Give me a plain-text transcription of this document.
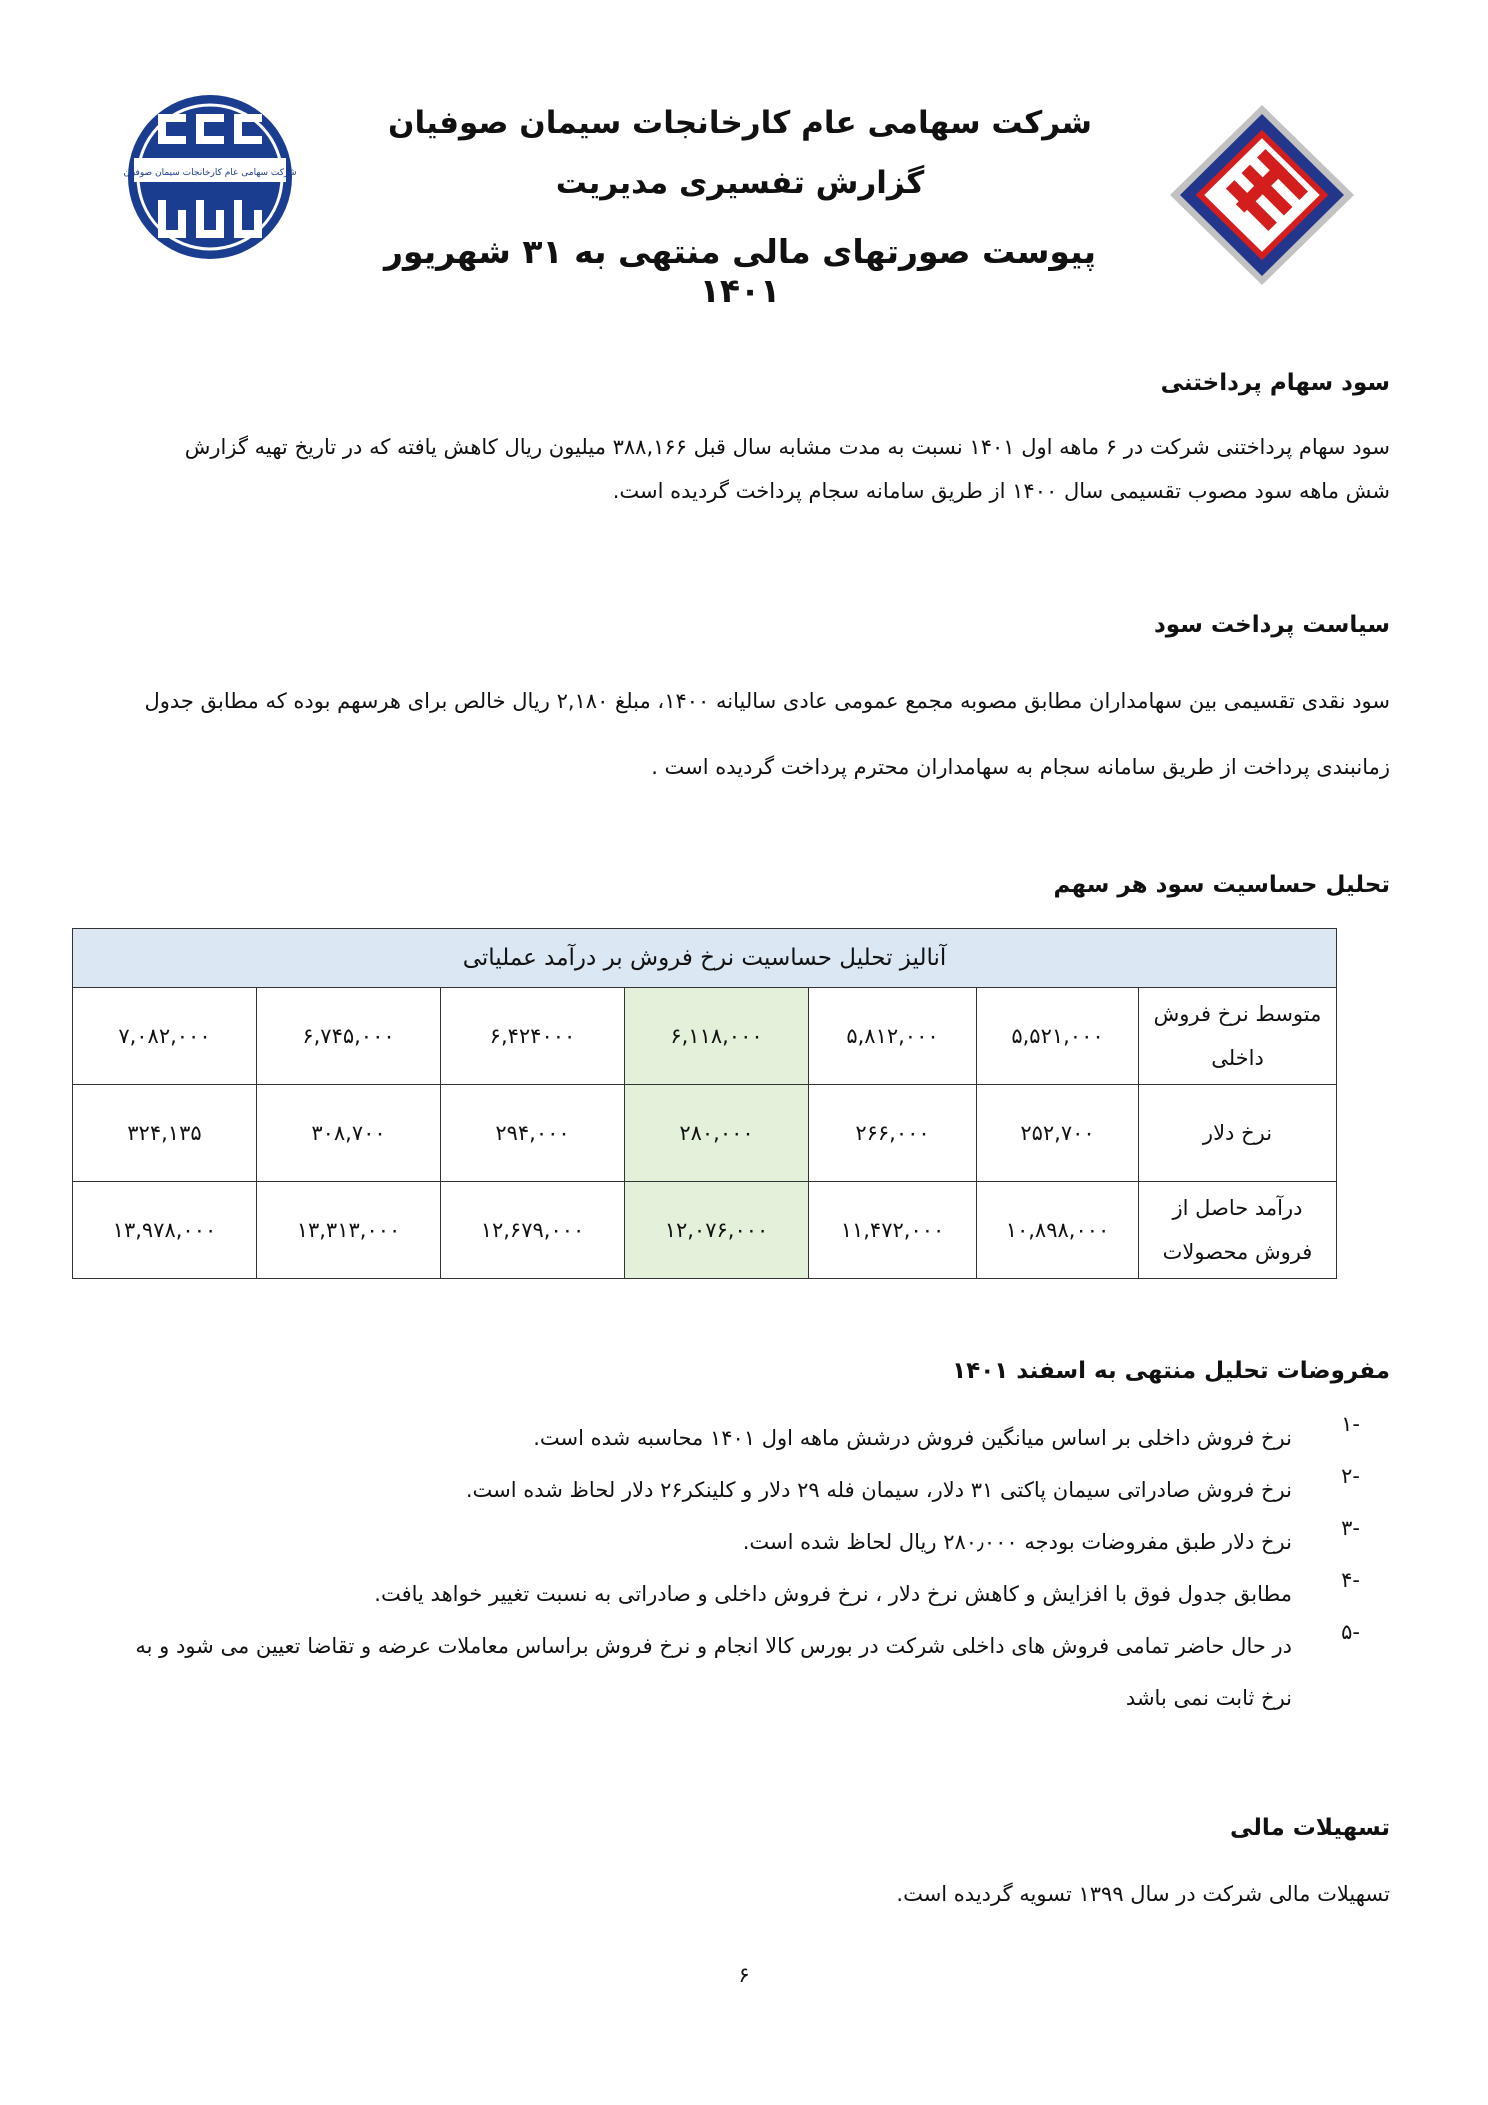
شرکت سهامی عام کارخانجات سیمان صوفیان
شرکت سهامی عام کارخانجات سیمان صوفیان
گزارش تفسیری مدیریت
پیوست صورتهای مالی منتهی به ۳۱ شهریور ۱۴۰۱
سود سهام پرداختنی
سود سهام پرداختنی شرکت در ۶ ماهه اول ۱۴۰۱ نسبت به مدت مشابه سال قبل ۳۸۸,۱۶۶ میلیون ریال کاهش یافته که در تاریخ تهیه گزارش
شش ماهه سود مصوب تقسیمی سال ۱۴۰۰ از طریق سامانه سجام پرداخت گردیده است.
سیاست پرداخت سود
سود نقدی تقسیمی بین سهامداران مطابق مصوبه مجمع عمومی عادی سالیانه ۱۴۰۰، مبلغ ۲,۱۸۰ ریال خالص برای هرسهم بوده که مطابق جدول
زمانبندی پرداخت از طریق سامانه سجام به سهامداران محترم پرداخت گردیده است .
تحلیل حساسیت سود هر سهم
آنالیز تحلیل حساسیت نرخ فروش بر درآمد عملیاتی						
متوسط نرخ فروش داخلی	۵,۵۲۱,۰۰۰	۵,۸۱۲,۰۰۰	۶,۱۱۸,۰۰۰	۶,۴۲۴۰۰۰	۶,۷۴۵,۰۰۰	۷,۰۸۲,۰۰۰
نرخ دلار	۲۵۲,۷۰۰	۲۶۶,۰۰۰	۲۸۰,۰۰۰	۲۹۴,۰۰۰	۳۰۸,۷۰۰	۳۲۴,۱۳۵
درآمد حاصل از فروش محصولات	۱۰,۸۹۸,۰۰۰	۱۱,۴۷۲,۰۰۰	۱۲,۰۷۶,۰۰۰	۱۲,۶۷۹,۰۰۰	۱۳,۳۱۳,۰۰۰	۱۳,۹۷۸,۰۰۰
مفروضات تحلیل منتهی به اسفند ۱۴۰۱
-۱
نرخ فروش داخلی بر اساس میانگین فروش درشش ماهه اول ۱۴۰۱ محاسبه شده است.
-۲
نرخ فروش صادراتی سیمان پاکتی ۳۱ دلار، سیمان فله ۲۹ دلار و کلینکر۲۶ دلار لحاظ شده است.
-۳
نرخ دلار طبق مفروضات بودجه ۲۸۰٫۰۰۰ ریال لحاظ شده است.
-۴
مطابق جدول فوق با افزایش و کاهش نرخ دلار ، نرخ فروش داخلی و صادراتی به نسبت تغییر خواهد یافت.
-۵
در حال حاضر تمامی فروش های داخلی شرکت در بورس کالا انجام و نرخ فروش براساس معاملات عرضه و تقاضا تعیین می شود و به
نرخ ثابت نمی باشد
تسهیلات مالی
تسهیلات مالی شرکت در سال ۱۳۹۹ تسویه گردیده است.
۶
